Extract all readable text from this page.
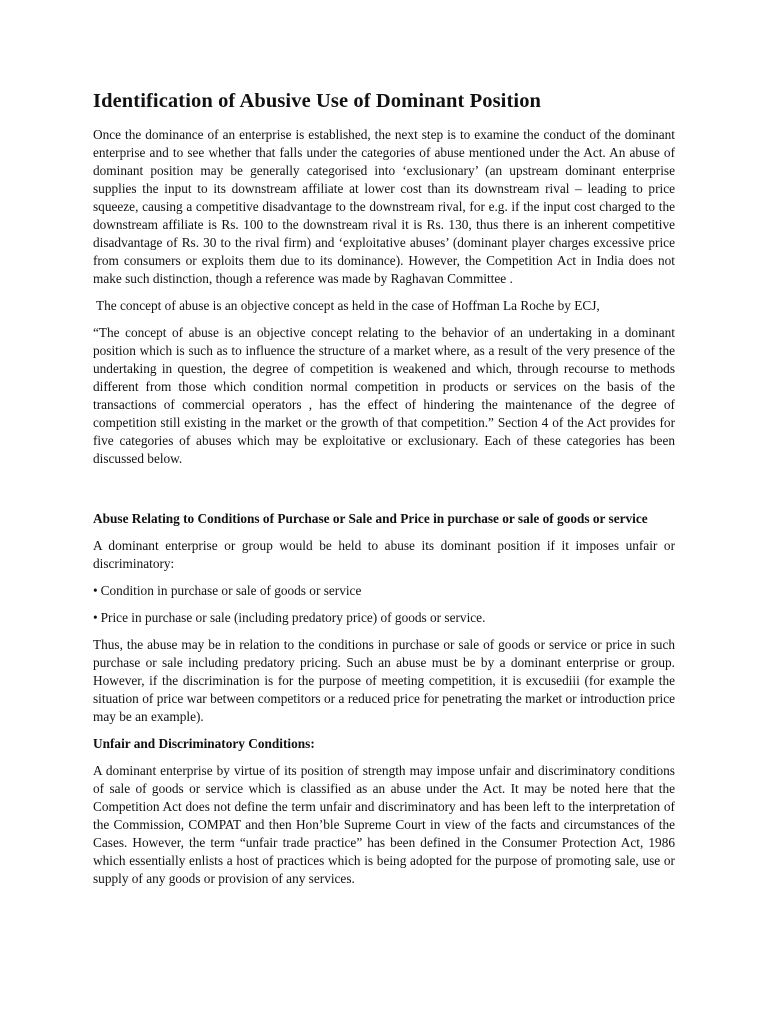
Identification of Abusive Use of Dominant Position

Once the dominance of an enterprise is established, the next step is to examine the conduct of the dominant enterprise and to see whether that falls under the categories of abuse mentioned under the Act. An abuse of dominant position may be generally categorised into ‘exclusionary’ (an upstream dominant enterprise supplies the input to its downstream affiliate at lower cost than its downstream rival – leading to price squeeze, causing a competitive disadvantage to the downstream rival, for e.g. if the input cost charged to the downstream affiliate is Rs. 100 to the downstream rival it is Rs. 130, thus there is an inherent competitive disadvantage of Rs. 30 to the rival firm) and ‘exploitative abuses’ (dominant player charges excessive price from consumers or exploits them due to its dominance). However, the Competition Act in India does not make such distinction, though a reference was made by Raghavan Committee .

The concept of abuse is an objective concept as held in the case of Hoffman La Roche by ECJ,

“The concept of abuse is an objective concept relating to the behavior of an undertaking in a dominant position which is such as to influence the structure of a market where, as a result of the very presence of the undertaking in question, the degree of competition is weakened and which, through recourse to methods different from those which condition normal competition in products or services on the basis of the transactions of commercial operators , has the effect of hindering the maintenance of the degree of competition still existing in the market or the growth of that competition.” Section 4 of the Act provides for five categories of abuses which may be exploitative or exclusionary. Each of these categories has been discussed below.

Abuse Relating to Conditions of Purchase or Sale and Price in purchase or sale of goods or service

A dominant enterprise or group would be held to abuse its dominant position if it imposes unfair or discriminatory:

• Condition in purchase or sale of goods or service
• Price in purchase or sale (including predatory price) of goods or service.

Thus, the abuse may be in relation to the conditions in purchase or sale of goods or service or price in such purchase or sale including predatory pricing. Such an abuse must be by a dominant enterprise or group. However, if the discrimination is for the purpose of meeting competition, it is excusediii (for example the situation of price war between competitors or a reduced price for penetrating the market or introduction price may be an example).

Unfair and Discriminatory Conditions:

A dominant enterprise by virtue of its position of strength may impose unfair and discriminatory conditions of sale of goods or service which is classified as an abuse under the Act. It may be noted here that the Competition Act does not define the term unfair and discriminatory and has been left to the interpretation of the Commission, COMPAT and then Hon’ble Supreme Court in view of the facts and circumstances of the Cases. However, the term “unfair trade practice” has been defined in the Consumer Protection Act, 1986 which essentially enlists a host of practices which is being adopted for the purpose of promoting sale, use or supply of any goods or provision of any services.
